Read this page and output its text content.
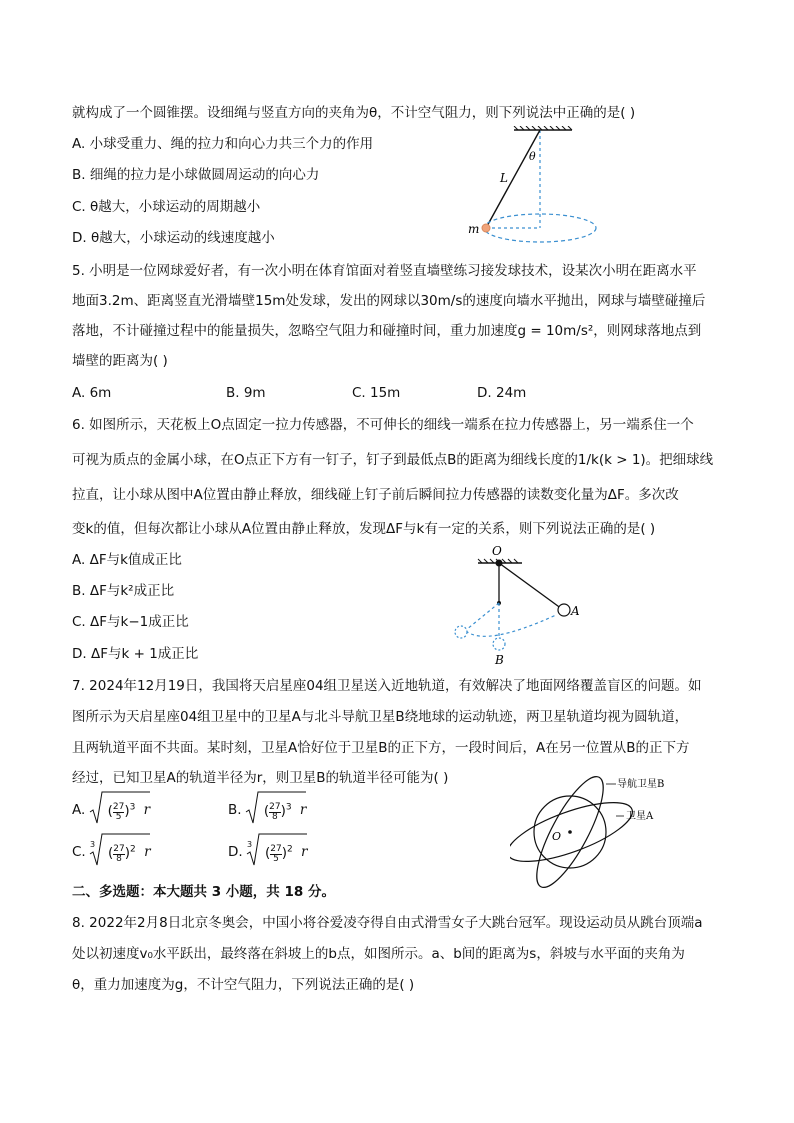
就构成了一个圆锥摆。设细绳与竖直方向的夹角为θ，不计空气阻力，则下列说法中正确的是( )
A. 小球受重力、绳的拉力和向心力共三个力的作用
B. 细绳的拉力是小球做圆周运动的向心力
C. θ越大，小球运动的周期越小
D. θ越大，小球运动的线速度越小
θ
L
m
5. 小明是一位网球爱好者，有一次小明在体育馆面对着竖直墙壁练习接发球技术，设某次小明在距离水平
地面3.2m、距离竖直光滑墙壁15m处发球，发出的网球以30m/s的速度向墙水平抛出，网球与墙壁碰撞后
落地，不计碰撞过程中的能量损失，忽略空气阻力和碰撞时间，重力加速度g = 10m/s²，则网球落地点到
墙壁的距离为( )
A. 6m	B. 9m	C. 15m	D. 24m
6. 如图所示，天花板上O点固定一拉力传感器，不可伸长的细线一端系在拉力传感器上，另一端系住一个
可视为质点的金属小球，在O点正下方有一钉子，钉子到最低点B的距离为细线长度的1/k(k > 1)。把细球线
拉直，让小球从图中A位置由静止释放，细线碰上钉子前后瞬间拉力传感器的读数变化量为ΔF。多次改
变k的值，但每次都让小球从A位置由静止释放，发现ΔF与k有一定的关系，则下列说法正确的是( )
A. ΔF与k值成正比
B. ΔF与k²成正比
C. ΔF与k−1成正比
D. ΔF与k + 1成正比
O
A
B
7. 2024年12月19日，我国将天启星座04组卫星送入近地轨道，有效解决了地面网络覆盖盲区的问题。如
图所示为天启星座04组卫星中的卫星A与北斗导航卫星B绕地球的运动轨迹，两卫星轨道均视为圆轨道，
且两轨道平面不共面。某时刻，卫星A恰好位于卫星B的正下方，一段时间后，A在另一位置从B的正下方
经过，已知卫星A的轨道半径为r，则卫星B的轨道半径可能为( )
A. ( $\frac{27}{5} )^3$ r	B. ( $\frac{27}{8} )^3$ r
C. 3 ( $\frac{27}{8} )^2$ r	D. 3 ( $\frac{27}{5} )^2$ r
导航卫星B
卫星A
O
二、多选题：本大题共 3 小题，共 18 分。
8. 2022年2月8日北京冬奥会，中国小将谷爱凌夺得自由式滑雪女子大跳台冠军。现设运动员从跳台顶端a
处以初速度v₀水平跃出，最终落在斜坡上的b点，如图所示。a、b间的距离为s，斜坡与水平面的夹角为
θ，重力加速度为g，不计空气阻力，下列说法正确的是( )
